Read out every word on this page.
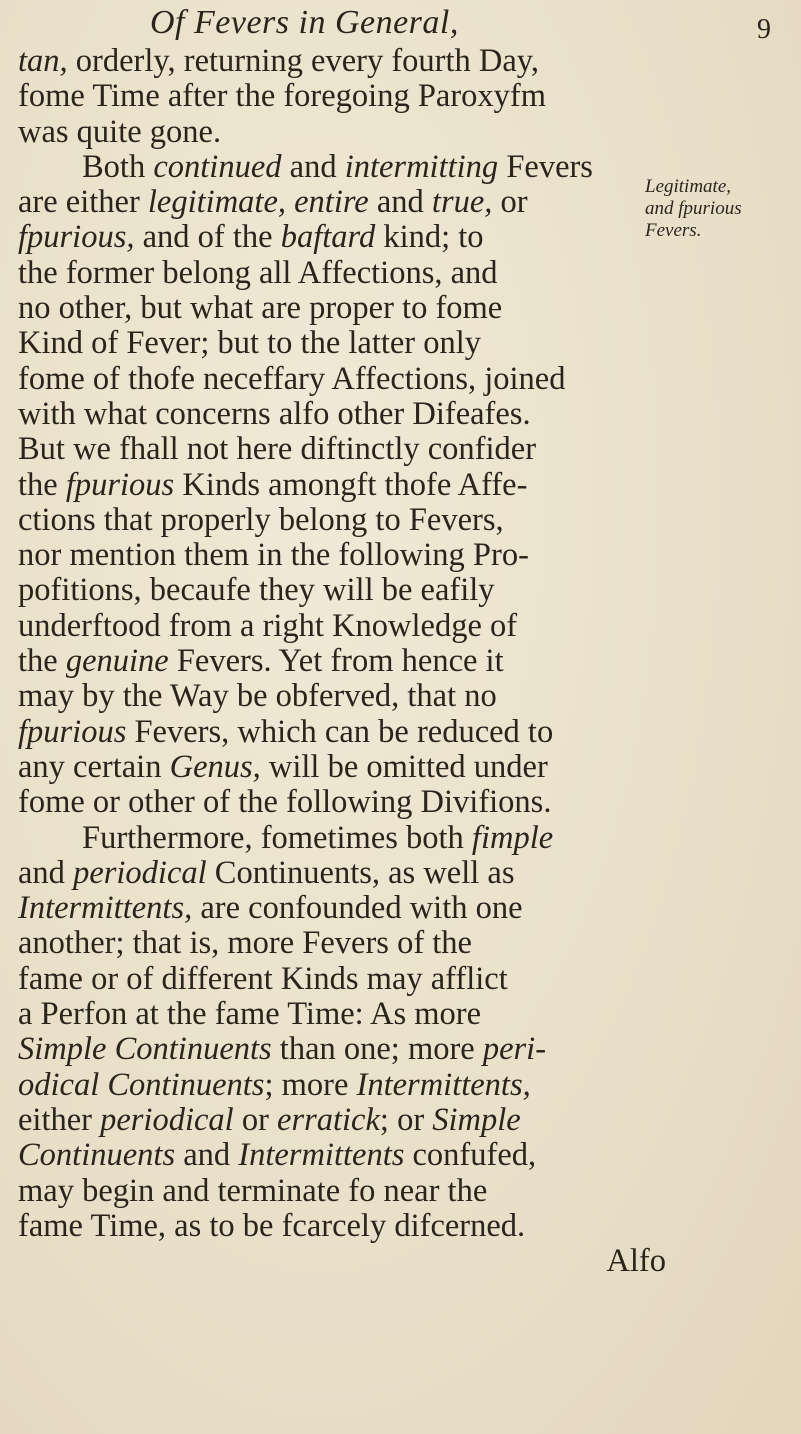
Of Fevers in General,	9
tan, orderly, returning every fourth Day,
fome Time after the foregoing Paroxyfm
was quite gone.
Both continued and intermitting Fevers
are either legitimate, entire and true, or
fpurious, and of the baftard kind; to
the former belong all Affections, and
no other, but what are proper to fome
Kind of Fever; but to the latter only
fome of thofe neceffary Affections, joined
with what concerns alfo other Difeafes.
But we fhall not here diftinctly confider
the fpurious Kinds amongft thofe Affe-
ctions that properly belong to Fevers,
nor mention them in the following Pro-
pofitions, becaufe they will be eafily
underftood from a right Knowledge of
the genuine Fevers. Yet from hence it
may by the Way be obferved, that no
fpurious Fevers, which can be reduced to
any certain Genus, will be omitted under
fome or other of the following Divifions.
Furthermore, fometimes both fimple
and periodical Continuents, as well as
Intermittents, are confounded with one
another; that is, more Fevers of the
fame or of different Kinds may afflict
a Perfon at the fame Time: As more
Simple Continuents than one; more peri-
odical Continuents; more Intermittents,
either periodical or erratick; or Simple
Continuents and Intermittents confufed,
may begin and terminate fo near the
fame Time, as to be fcarcely difcerned.
Alfo
Legitimate,
and fpurious
Fevers.
